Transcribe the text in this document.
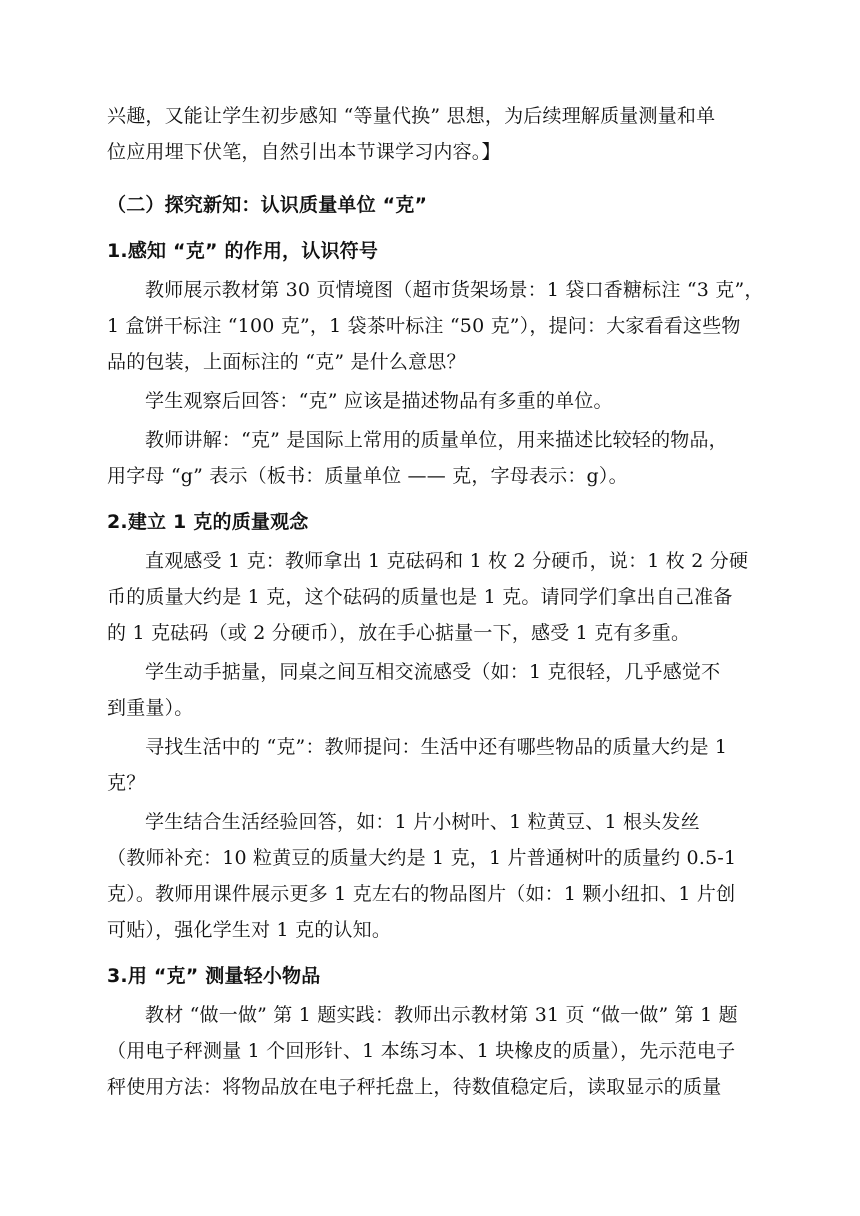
兴趣，又能让学生初步感知 “等量代换” 思想，为后续理解质量测量和单
位应用埋下伏笔，自然引出本节课学习内容。】
（二）探究新知：认识质量单位 “克”
1.感知 “克” 的作用，认识符号
教师展示教材第 30 页情境图（超市货架场景：1 袋口香糖标注 “3 克”，
1 盒饼干标注 “100 克”，1 袋茶叶标注 “50 克”），提问：大家看看这些物
品的包装，上面标注的 “克” 是什么意思？
学生观察后回答：“克” 应该是描述物品有多重的单位。
教师讲解：“克” 是国际上常用的质量单位，用来描述比较轻的物品，
用字母 “g” 表示（板书：质量单位 —— 克，字母表示：g）。
2.建立 1 克的质量观念
直观感受 1 克：教师拿出 1 克砝码和 1 枚 2 分硬币，说：1 枚 2 分硬
币的质量大约是 1 克，这个砝码的质量也是 1 克。请同学们拿出自己准备
的 1 克砝码（或 2 分硬币），放在手心掂量一下，感受 1 克有多重。
学生动手掂量，同桌之间互相交流感受（如：1 克很轻，几乎感觉不
到重量）。
寻找生活中的 “克”：教师提问：生活中还有哪些物品的质量大约是 1
克？
学生结合生活经验回答，如：1 片小树叶、1 粒黄豆、1 根头发丝
（教师补充：10 粒黄豆的质量大约是 1 克，1 片普通树叶的质量约 0.5-1
克）。教师用课件展示更多 1 克左右的物品图片（如：1 颗小纽扣、1 片创
可贴），强化学生对 1 克的认知。
3.用 “克” 测量轻小物品
教材 “做一做” 第 1 题实践：教师出示教材第 31 页 “做一做” 第 1 题
（用电子秤测量 1 个回形针、1 本练习本、1 块橡皮的质量），先示范电子
秤使用方法：将物品放在电子秤托盘上，待数值稳定后，读取显示的质量
